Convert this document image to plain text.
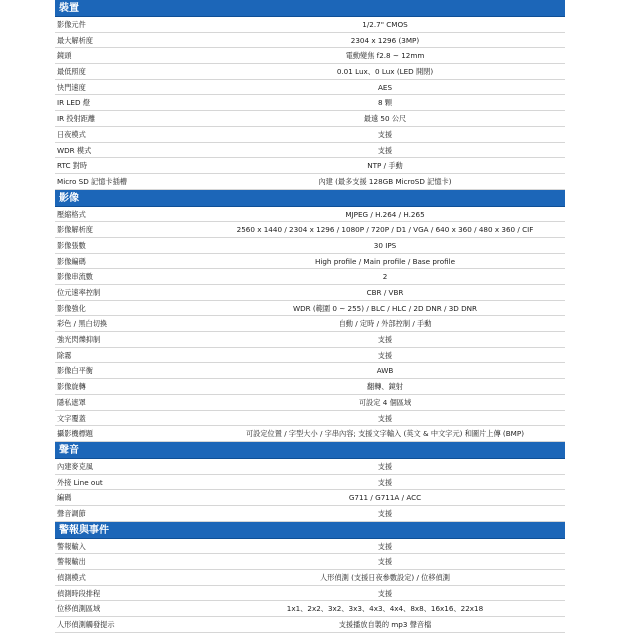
裝置
影像元件	1/2.7" CMOS
最大解析度	2304 x 1296 (3MP)
鏡頭	電動變焦 f2.8 ~ 12mm
最低照度	0.01 Lux、0 Lux (LED 開閉)
快門速度	AES
IR LED 燈	8 顆
IR 投射距離	最遠 50 公尺
日夜模式	支援
WDR 模式	支援
RTC 對時	NTP / 手動
Micro SD 記憶卡插槽	內建 (最多支援 128GB MicroSD 記憶卡)
影像
壓縮格式	MJPEG / H.264 / H.265
影像解析度	2560 x 1440 / 2304 x 1296 / 1080P / 720P / D1 / VGA / 640 x 360 / 480 x 360 / CIF
影像張數	30 IPS
影像編碼	High profile / Main profile / Base profile
影像串流數	2
位元速率控制	CBR / VBR
影像強化	WDR (範圍 0 ~ 255) / BLC / HLC / 2D DNR / 3D DNR
彩色 / 黑白切換	自動 / 定時 / 外部控制 / 手動
強光閃爍抑制	支援
除霧	支援
影像白平衡	AWB
影像旋轉	翻轉、鏡射
隱私遮罩	可設定 4 個區域
文字覆蓋	支援
攝影機標題	可設定位置 / 字型大小 / 字串內容; 支援文字輸入 (英文 & 中文字元) 和圖片上傳 (BMP)
聲音
內建麥克風	支援
外接 Line out	支援
編碼	G711 / G711A / ACC
聲音調節	支援
警報與事件
警報輸入	支援
警報輸出	支援
偵測模式	人形偵測 (支援日夜參數設定) / 位移偵測
偵測時段排程	支援
位移偵測區域	1x1、2x2、3x2、3x3、4x3、4x4、8x8、16x16、22x18
人形偵測觸發提示	支援播放自製的 mp3 聲音檔
